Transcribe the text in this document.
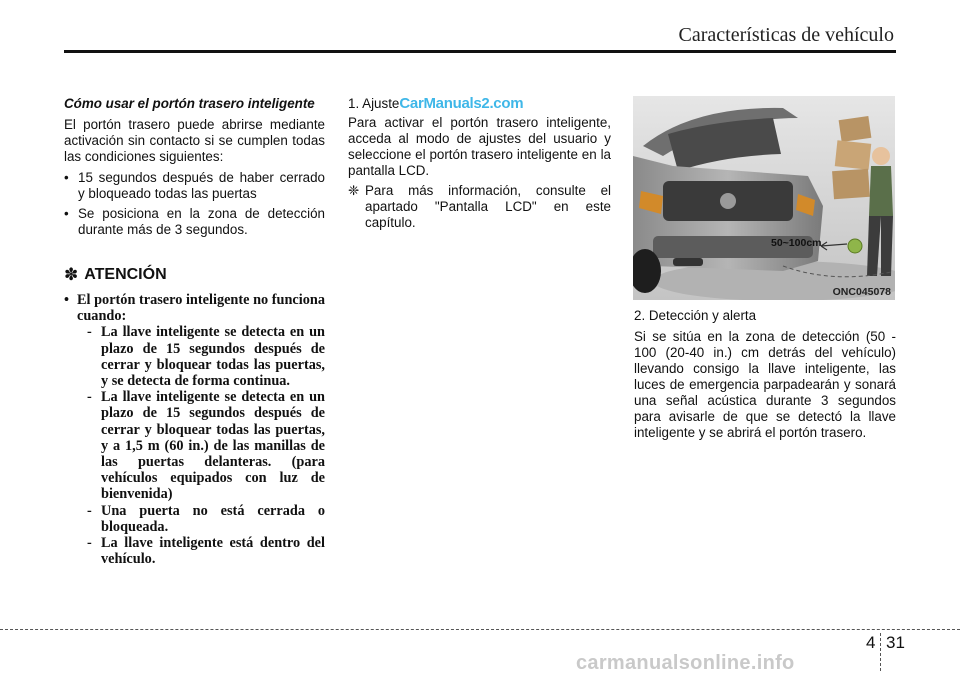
Características de vehículo
Cómo usar el portón trasero inteligente

El portón trasero puede abrirse mediante activación sin contacto si se cumplen todas las condiciones siguientes:

• 15 segundos después de haber cerrado y bloqueado todas las puertas
• Se posiciona en la zona de detección durante más de 3 segundos.
✽ ATENCIÓN
• El portón trasero inteligente no funciona cuando:
- La llave inteligente se detecta en un plazo de 15 segundos después de cerrar y bloquear todas las puertas, y se detecta de forma continua.
- La llave inteligente se detecta en un plazo de 15 segundos después de cerrar y bloquear todas las puertas, y a 1,5 m (60 in.) de las manillas de las puertas delanteras. (para vehículos equipados con luz de bienvenida)
- Una puerta no está cerrada o bloqueada.
- La llave inteligente está dentro del vehículo.
1. Ajuste CarManuals2.com

Para activar el portón trasero inteligente, acceda al modo de ajustes del usuario y seleccione el portón trasero inteligente en la pantalla LCD.

❈ Para más información, consulte el apartado "Pantalla LCD" en este capítulo.
50~100cm
ONC045078
2. Detección y alerta

Si se sitúa en la zona de detección (50 - 100 (20-40 in.) cm detrás del vehículo) llevando consigo la llave inteligente, las luces de emergencia parpadearán y sonará una señal acústica durante 3 segundos para avisarle de que se detectó la llave inteligente y se abrirá el portón trasero.

4 31
carmanualsonline.info
